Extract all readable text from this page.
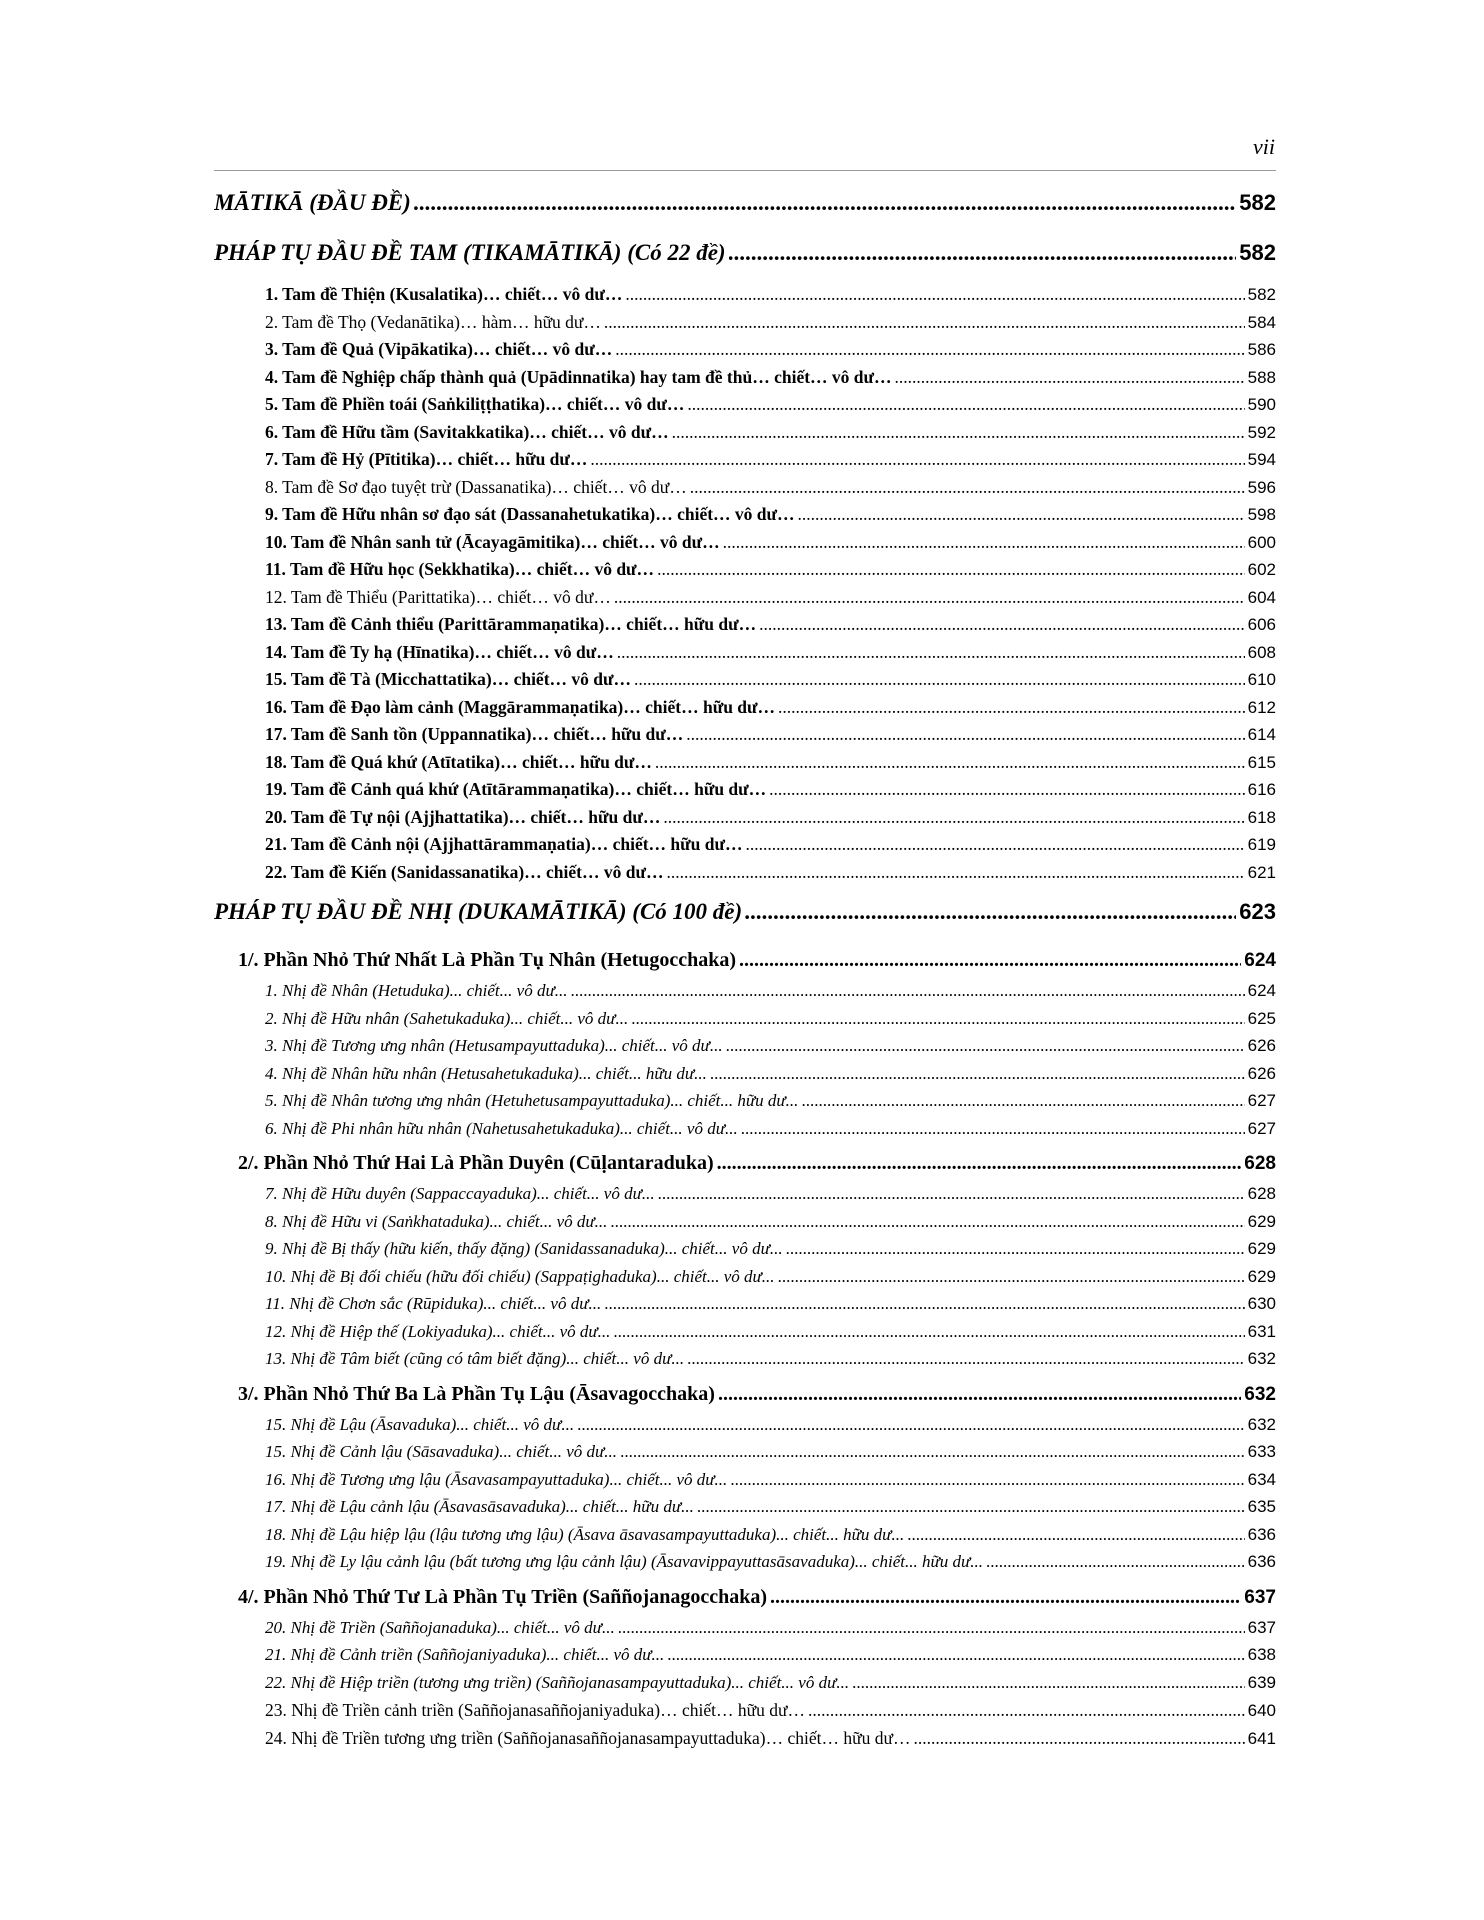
vii
MĀTIKĀ (ĐẦU ĐỀ) .....	582
PHÁP TỤ ĐẦU ĐỀ TAM (TIKAMĀTIKĀ) (Có 22 đề) .....	582
1. Tam đề Thiện (Kusalatika)… chiết… vô dư… .....	582
2. Tam đề Thọ (Vedanātika)… hàm… hữu dư… .....	584
3. Tam đề Quả (Vipākatika)… chiết… vô dư… .....	586
4. Tam đề Nghiệp chấp thành quả (Upādinnatika) hay tam đề thủ… chiết… vô dư… .....	588
5. Tam đề Phiền toái (Saṅkiliṭṭhatika)… chiết… vô dư… .....	590
6. Tam đề Hữu tầm (Savitakkatika)… chiết… vô dư… .....	592
7. Tam đề Hỷ (Pītitika)… chiết… hữu dư… .....	594
8. Tam đề Sơ đạo tuyệt trừ (Dassanatika)… chiết… vô dư… .....	596
9. Tam đề Hữu nhân sơ đạo sát (Dassanahetukatika)… chiết… vô dư… .....	598
10. Tam đề Nhân sanh tử (Ācayagāmitika)… chiết… vô dư… .....	600
11. Tam đề Hữu học (Sekkhatika)… chiết… vô dư… .....	602
12. Tam đề Thiểu (Parittatika)… chiết… vô dư… .....	604
13. Tam đề Cảnh thiểu (Parittārammaṇatika)… chiết… hữu dư… .....	606
14. Tam đề Ty hạ (Hīnatika)… chiết… vô dư… .....	608
15. Tam đề Tà (Micchattatika)… chiết… vô dư… .....	610
16. Tam đề Đạo làm cảnh (Maggārammaṇatika)… chiết… hữu dư… .....	612
17. Tam đề Sanh tồn (Uppannatika)… chiết… hữu dư… .....	614
18. Tam đề Quá khứ (Atītatika)… chiết… hữu dư… .....	615
19. Tam đề Cảnh quá khứ (Atītārammaṇatika)… chiết… hữu dư… .....	616
20. Tam đề Tự nội (Ajjhattatika)… chiết… hữu dư… .....	618
21. Tam đề Cảnh nội (Ajjhattārammaṇatia)… chiết… hữu dư… .....	619
22. Tam đề Kiến (Sanidassanatika)… chiết… vô dư… .....	621
PHÁP TỤ ĐẦU ĐỀ NHỊ (DUKAMĀTIKĀ) (Có 100 đề) .....	623
1/. Phần Nhỏ Thứ Nhất Là Phần Tụ Nhân (Hetugocchaka) .....	624
1. Nhị đề Nhân (Hetuduka)... chiết... vô dư... .....	624
2. Nhị đề Hữu nhân (Sahetukaduka)... chiết... vô dư... .....	625
3. Nhị đề Tương ưng nhân (Hetusampayuttaduka)... chiết... vô dư... .....	626
4. Nhị đề Nhân hữu nhân (Hetusahetukaduka)... chiết... hữu dư... .....	626
5. Nhị đề Nhân tương ưng nhân (Hetuhetusampayuttaduka)... chiết... hữu dư... .....	627
6. Nhị đề Phi nhân hữu nhân (Nahetusahetukaduka)... chiết... vô dư... .....	627
2/. Phần Nhỏ Thứ Hai Là Phần Duyên (Cūḷantaraduka) .....	628
7. Nhị đề Hữu duyên (Sappaccayaduka)... chiết... vô dư... .....	628
8. Nhị đề Hữu vi (Saṅkhataduka)... chiết... vô dư... .....	629
9. Nhị đề Bị thấy (hữu kiến, thấy đặng) (Sanidassanaduka)... chiết... vô dư... .....	629
10. Nhị đề Bị đối chiếu (hữu đối chiếu) (Sappaṭighaduka)... chiết... vô dư... .....	629
11. Nhị đề Chơn sắc (Rūpiduka)... chiết... vô dư... .....	630
12. Nhị đề Hiệp thế (Lokiyaduka)... chiết... vô dư... .....	631
13. Nhị đề Tâm biết (cũng có tâm biết đặng)... chiết... vô dư... .....	632
3/. Phần Nhỏ Thứ Ba Là Phần Tụ Lậu (Āsavagocchaka) .....	632
15. Nhị đề Lậu (Āsavaduka)... chiết... vô dư... .....	632
15. Nhị đề Cảnh lậu (Sāsavaduka)... chiết... vô dư... .....	633
16. Nhị đề Tương ưng lậu (Āsavasampayuttaduka)... chiết... vô dư... .....	634
17. Nhị đề Lậu cảnh lậu (Āsavasāsavaduka)... chiết... hữu dư... .....	635
18. Nhị đề Lậu hiệp lậu (lậu tương ưng lậu) (Āsava āsavasampayuttaduka)... chiết... hữu dư... .....	636
19. Nhị đề Ly lậu cảnh lậu (bất tương ưng lậu cảnh lậu) (Āsavavippayuttasāsavaduka)... chiết... hữu dư... .....	636
4/. Phần Nhỏ Thứ Tư Là Phần Tụ Triền (Saññojanagocchaka) .....	637
20. Nhị đề Triền (Saññojanaduka)... chiết... vô dư... .....	637
21. Nhị đề Cảnh triền (Saññojaniyaduka)... chiết... vô dư... .....	638
22. Nhị đề Hiệp triền (tương ưng triền) (Saññojanasampayuttaduka)... chiết... vô dư... .....	639
23. Nhị đề Triền cảnh triền (Saññojanasaññojaniyaduka)… chiết… hữu dư… .....	640
24. Nhị đề Triền tương ưng triền (Saññojanasaññojanasampayuttaduka)… chiết… hữu dư… .....	641
